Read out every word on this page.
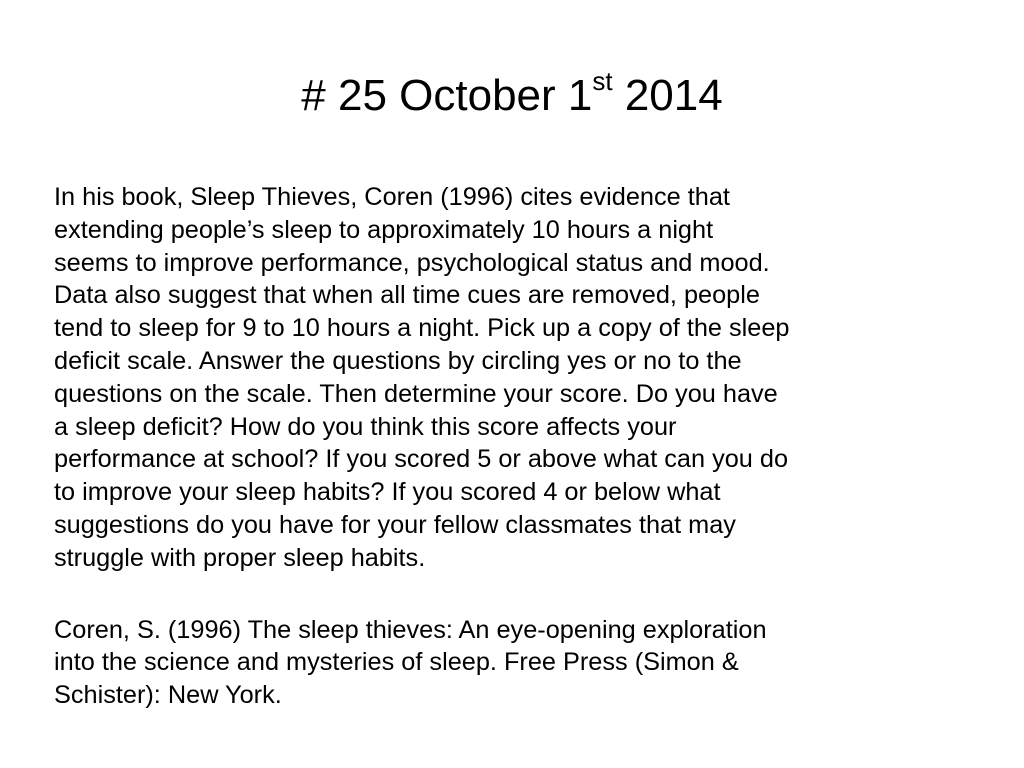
# 25 October 1st 2014

In his book, Sleep Thieves, Coren (1996) cites evidence that
extending people’s sleep to approximately 10 hours a night
seems to improve performance, psychological status and mood.
Data also suggest that when all time cues are removed, people
tend to sleep for 9 to 10 hours a night. Pick up a copy of the sleep
deficit scale. Answer the questions by circling yes or no to the
questions on the scale. Then determine your score. Do you have
a sleep deficit? How do you think this score affects your
performance at school? If you scored 5 or above what can you do
to improve your sleep habits? If you scored 4 or below what
suggestions do you have for your fellow classmates that may
struggle with proper sleep habits.

Coren, S. (1996) The sleep thieves: An eye-opening exploration
into the science and mysteries of sleep. Free Press (Simon &
Schister): New York.
